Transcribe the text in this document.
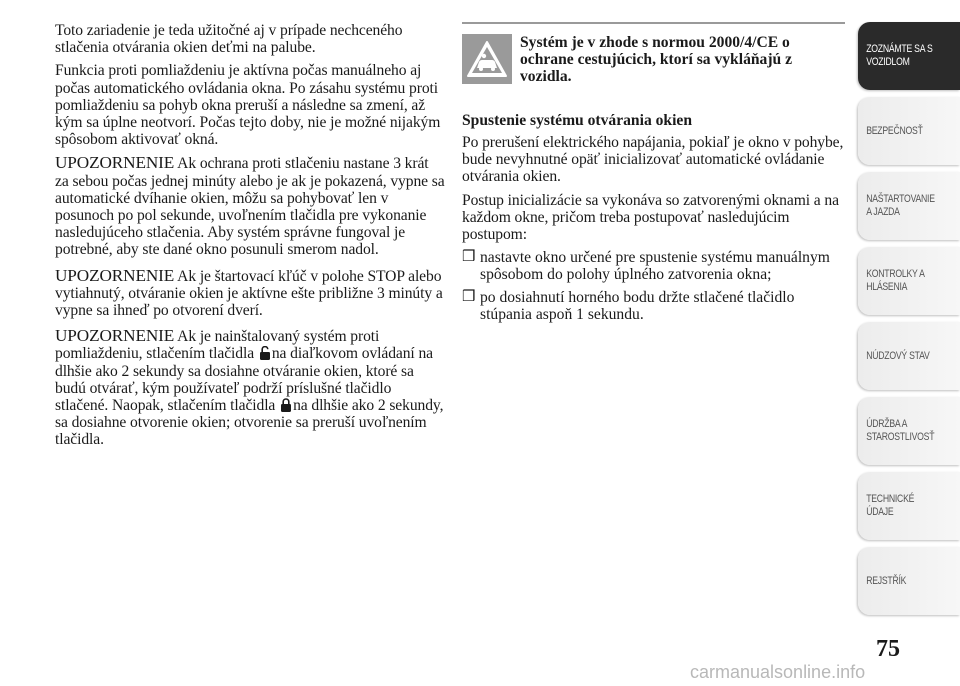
Toto zariadenie je teda užitočné aj v prípade nechceného stlačenia otvárania okien deťmi na palube.

Funkcia proti pomliaždeniu je aktívna počas manuálneho aj počas automatického ovládania okna. Po zásahu systému proti pomliaždeniu sa pohyb okna preruší a následne sa zmení, až kým sa úplne neotvorí. Počas tejto doby, nie je možné nijakým spôsobom aktivovať okná.

UPOZORNENIE Ak ochrana proti stlačeniu nastane 3 krát za sebou počas jednej minúty alebo je ak je pokazená, vypne sa automatické dvíhanie okien, môžu sa pohybovať len v posunoch po pol sekunde, uvoľnením tlačidla pre vykonanie nasledujúceho stlačenia. Aby systém správne fungoval je potrebné, aby ste dané okno posunuli smerom nadol.

UPOZORNENIE Ak je štartovací kľúč v polohe STOP alebo vytiahnutý, otváranie okien je aktívne ešte približne 3 minúty a vypne sa ihneď po otvorení dverí.

UPOZORNENIE Ak je nainštalovaný systém proti pomliaždeniu, stlačením tlačidla na diaľkovom ovládaní na dlhšie ako 2 sekundy sa dosiahne otváranie okien, ktoré sa budú otvárať, kým používateľ podrží príslušné tlačidlo stlačené. Naopak, stlačením tlačidla na dlhšie ako 2 sekundy, sa dosiahne otvorenie okien; otvorenie sa preruší uvoľnením tlačidla.

Systém je v zhode s normou 2000/4/CE o ochrane cestujúcich, ktorí sa vykláňajú z vozidla.
Spustenie systému otvárania okien

Po prerušení elektrického napájania, pokiaľ je okno v pohybe, bude nevyhnutné opäť inicializovať automatické ovládanie otvárania okien.

Postup inicializácie sa vykonáva so zatvorenými oknami a na každom okne, pričom treba postupovať nasledujúcim postupom:

❒ nastavte okno určené pre spustenie systému manuálnym spôsobom do polohy úplného zatvorenia okna;
❒ po dosiahnutí horného bodu držte stlačené tlačidlo stúpania aspoň 1 sekundu.
ZOZNÁMTE SA S
VOZIDLOM
BEZPEČNOSŤ
NAŠTARTOVANIE
A JAZDA
KONTROLKY A
HLÁSENIA
NÚDZOVÝ STAV
ÚDRŽBA A
STAROSTLIVOSŤ
TECHNICKÉ
ÚDAJE
REJSTŘÍK
75
carmanualsonline.info
